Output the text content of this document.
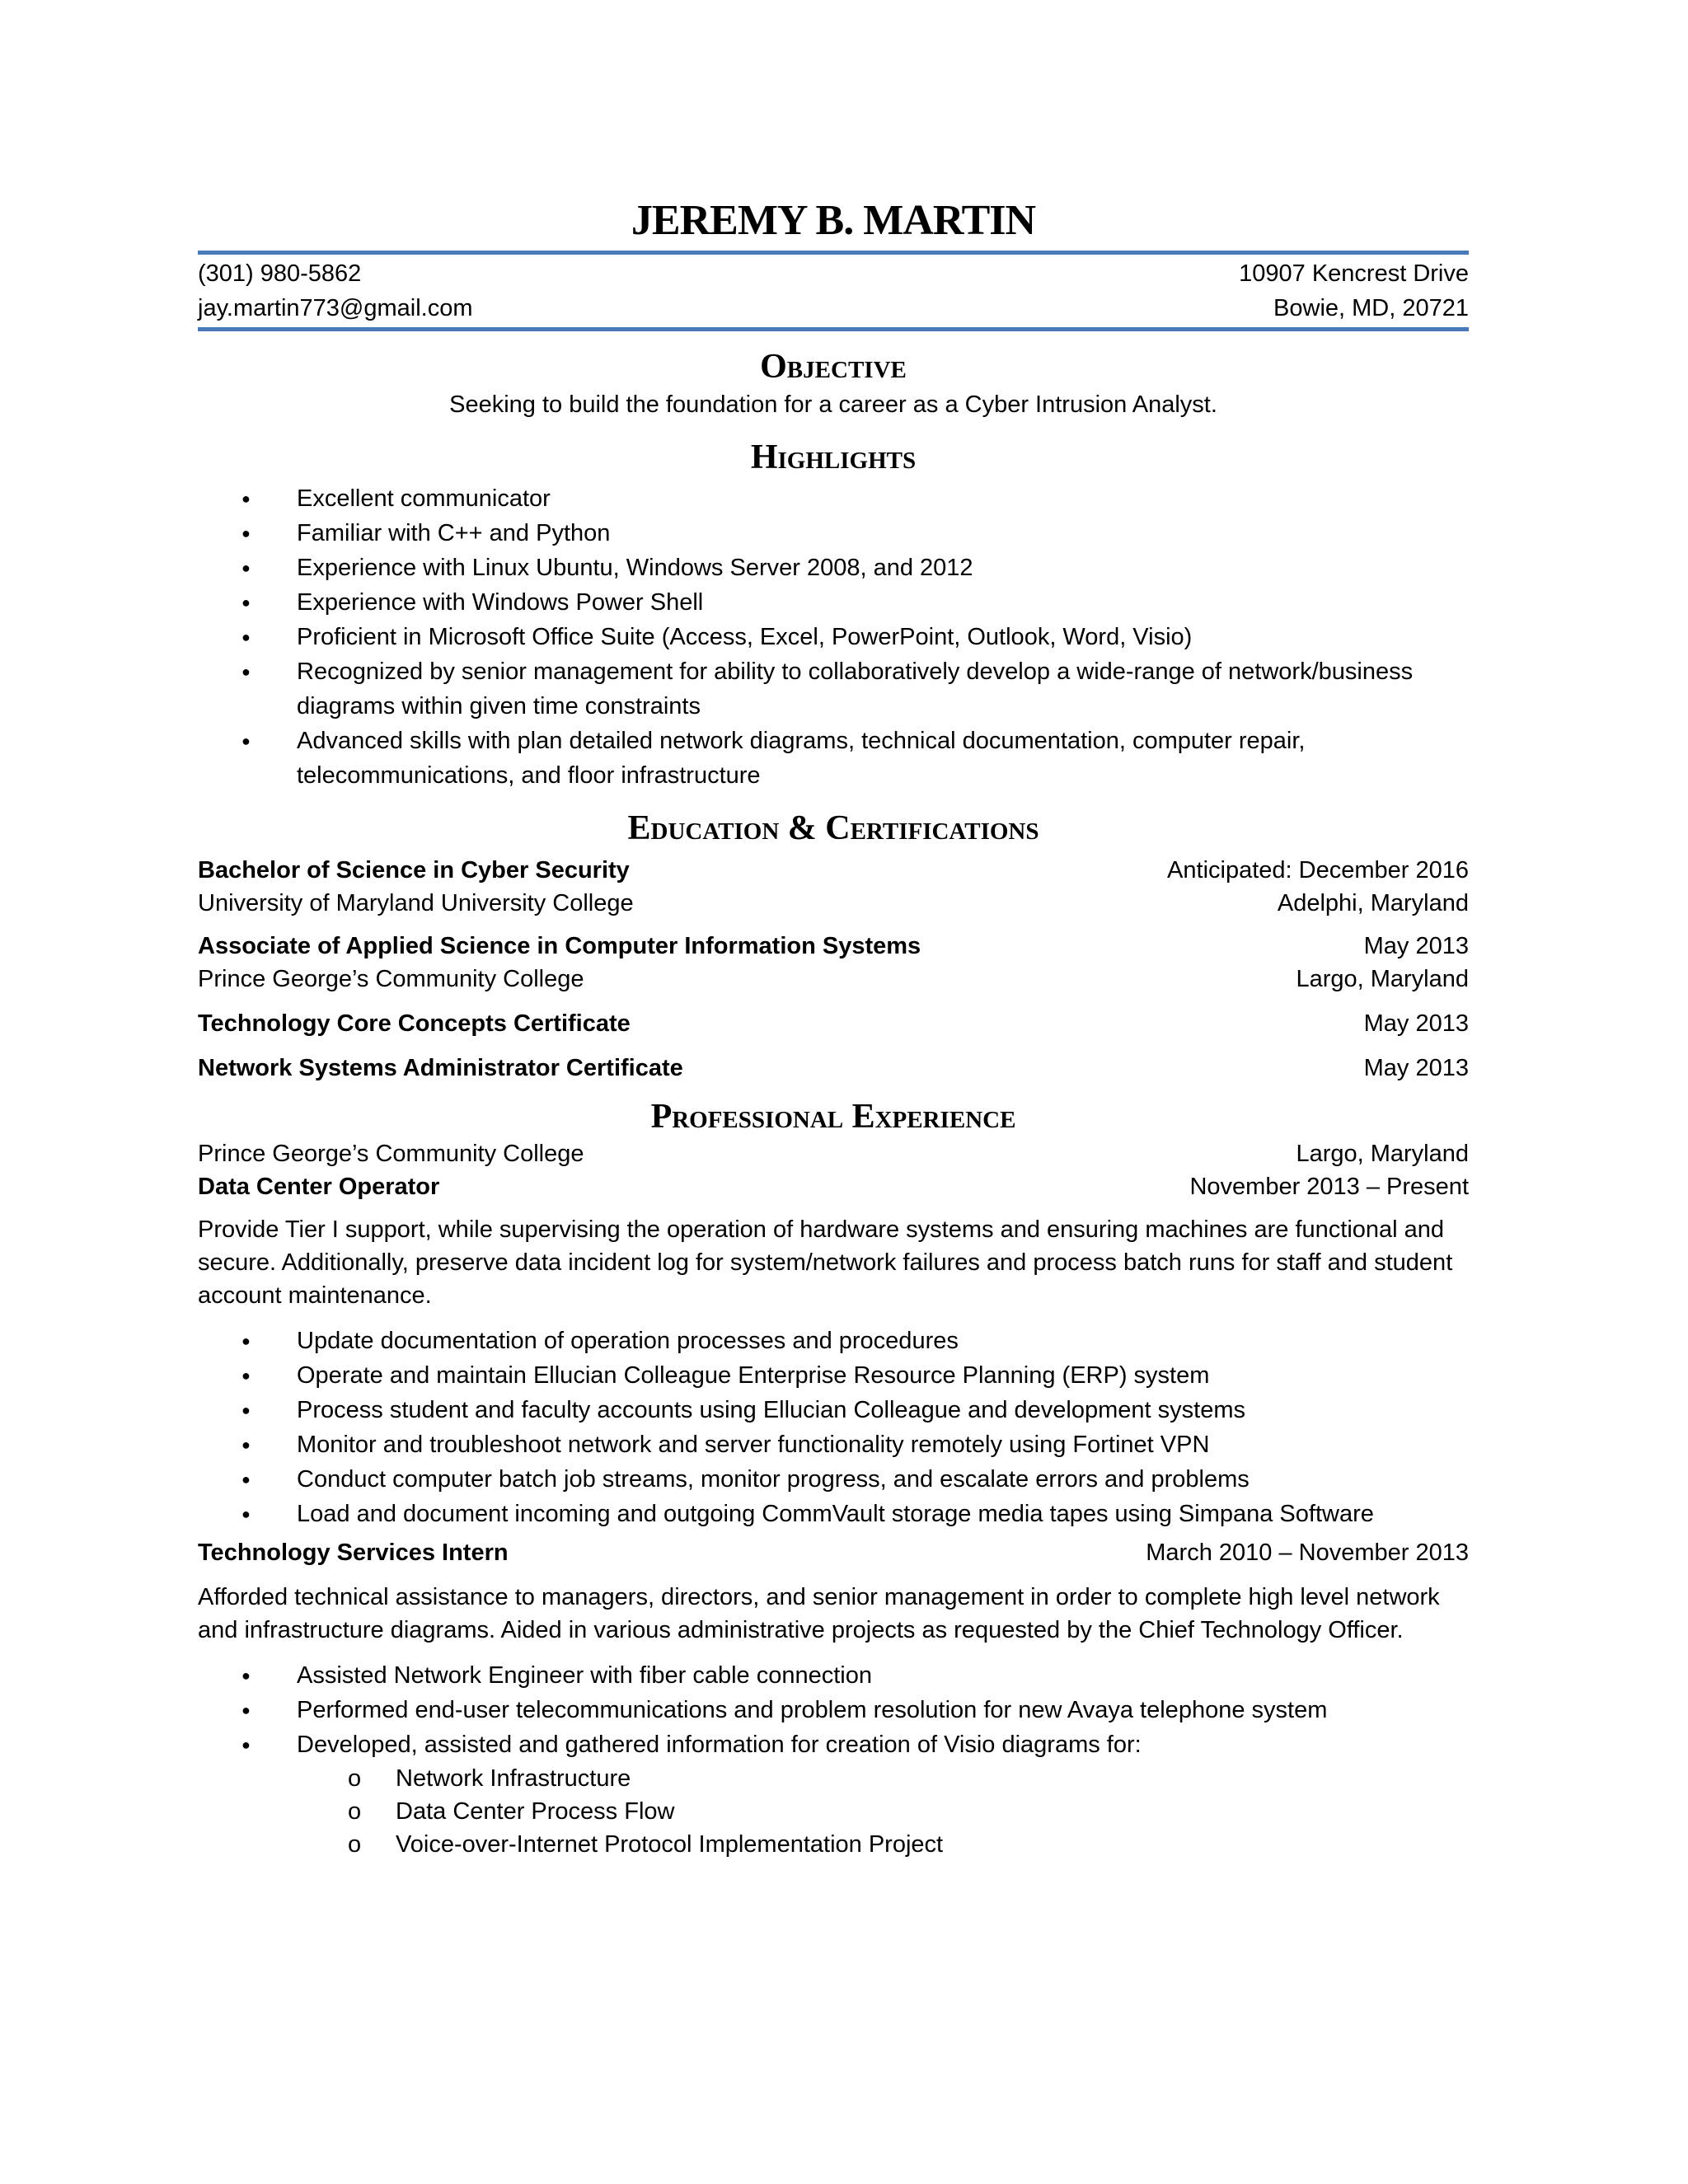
JEREMY B. MARTIN
(301) 980-5862	10907 Kencrest Drive
jay.martin773@gmail.com	Bowie, MD, 20721
Objective
Seeking to build the foundation for a career as a Cyber Intrusion Analyst.
Highlights
● Excellent communicator
● Familiar with C++ and Python
● Experience with Linux Ubuntu, Windows Server 2008, and 2012
● Experience with Windows Power Shell
● Proficient in Microsoft Office Suite (Access, Excel, PowerPoint, Outlook, Word, Visio)
● Recognized by senior management for ability to collaboratively develop a wide-range of network/business diagrams within given time constraints
● Advanced skills with plan detailed network diagrams, technical documentation, computer repair, telecommunications, and floor infrastructure
Education & Certifications
Bachelor of Science in Cyber Security	Anticipated: December 2016
University of Maryland University College	Adelphi, Maryland
Associate of Applied Science in Computer Information Systems	May 2013
Prince George’s Community College	Largo, Maryland
Technology Core Concepts Certificate	May 2013
Network Systems Administrator Certificate	May 2013
Professional Experience
Prince George’s Community College	Largo, Maryland
Data Center Operator	November 2013 – Present
Provide Tier I support, while supervising the operation of hardware systems and ensuring machines are functional and secure. Additionally, preserve data incident log for system/network failures and process batch runs for staff and student account maintenance.
● Update documentation of operation processes and procedures
● Operate and maintain Ellucian Colleague Enterprise Resource Planning (ERP) system
● Process student and faculty accounts using Ellucian Colleague and development systems
● Monitor and troubleshoot network and server functionality remotely using Fortinet VPN
● Conduct computer batch job streams, monitor progress, and escalate errors and problems
● Load and document incoming and outgoing CommVault storage media tapes using Simpana Software
Technology Services Intern	March 2010 – November 2013
Afforded technical assistance to managers, directors, and senior management in order to complete high level network and infrastructure diagrams. Aided in various administrative projects as requested by the Chief Technology Officer.
● Assisted Network Engineer with fiber cable connection
● Performed end-user telecommunications and problem resolution for new Avaya telephone system
● Developed, assisted and gathered information for creation of Visio diagrams for:
o Network Infrastructure
o Data Center Process Flow
o Voice-over-Internet Protocol Implementation Project
